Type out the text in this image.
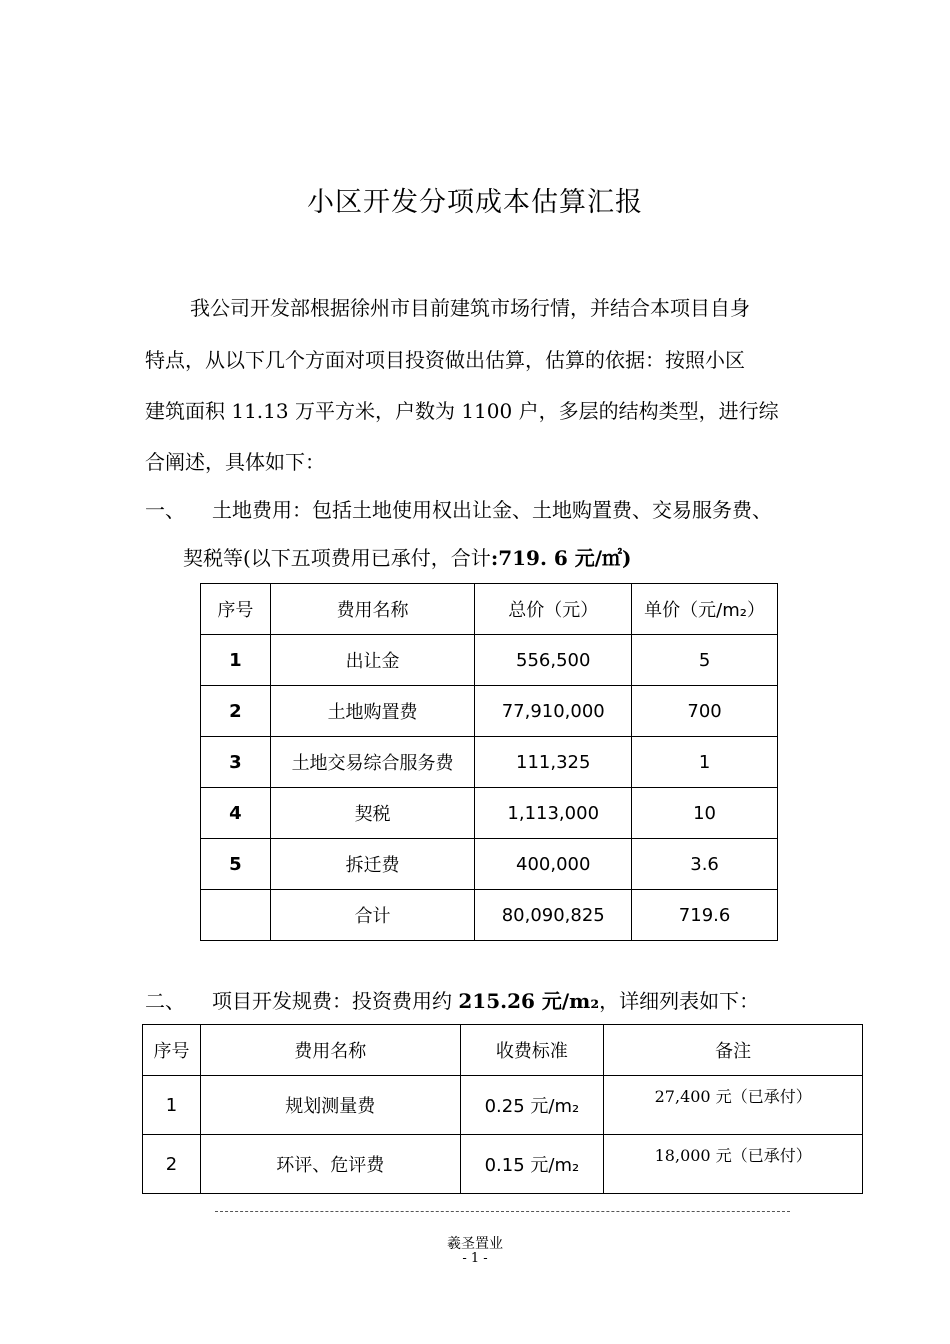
小区开发分项成本估算汇报
我公司开发部根据徐州市目前建筑市场行情，并结合本项目自身
特点，从以下几个方面对项目投资做出估算，估算的依据：按照小区
建筑面积 11.13 万平方米，户数为 1100 户，多层的结构类型，进行综
合阐述，具体如下：
一、 土地费用：包括土地使用权出让金、土地购置费、交易服务费、
契税等(以下五项费用已承付，合计:719. 6 元/㎡)
序号	费用名称	总价（元）	单价（元/m₂）
1	出让金	556,500	5
2	土地购置费	77,910,000	700
3	土地交易综合服务费	111,325	1
4	契税	1,113,000	10
5	拆迁费	400,000	3.6
	合计	80,090,825	719.6
二、 项目开发规费：投资费用约 215.26 元/m₂，详细列表如下：
序号	费用名称	收费标准	备注
1	规划测量费	0.25 元/m₂	27,400 元（已承付）
2	环评、危评费	0.15 元/m₂	18,000 元（已承付）
羲圣置业
- 1 -
